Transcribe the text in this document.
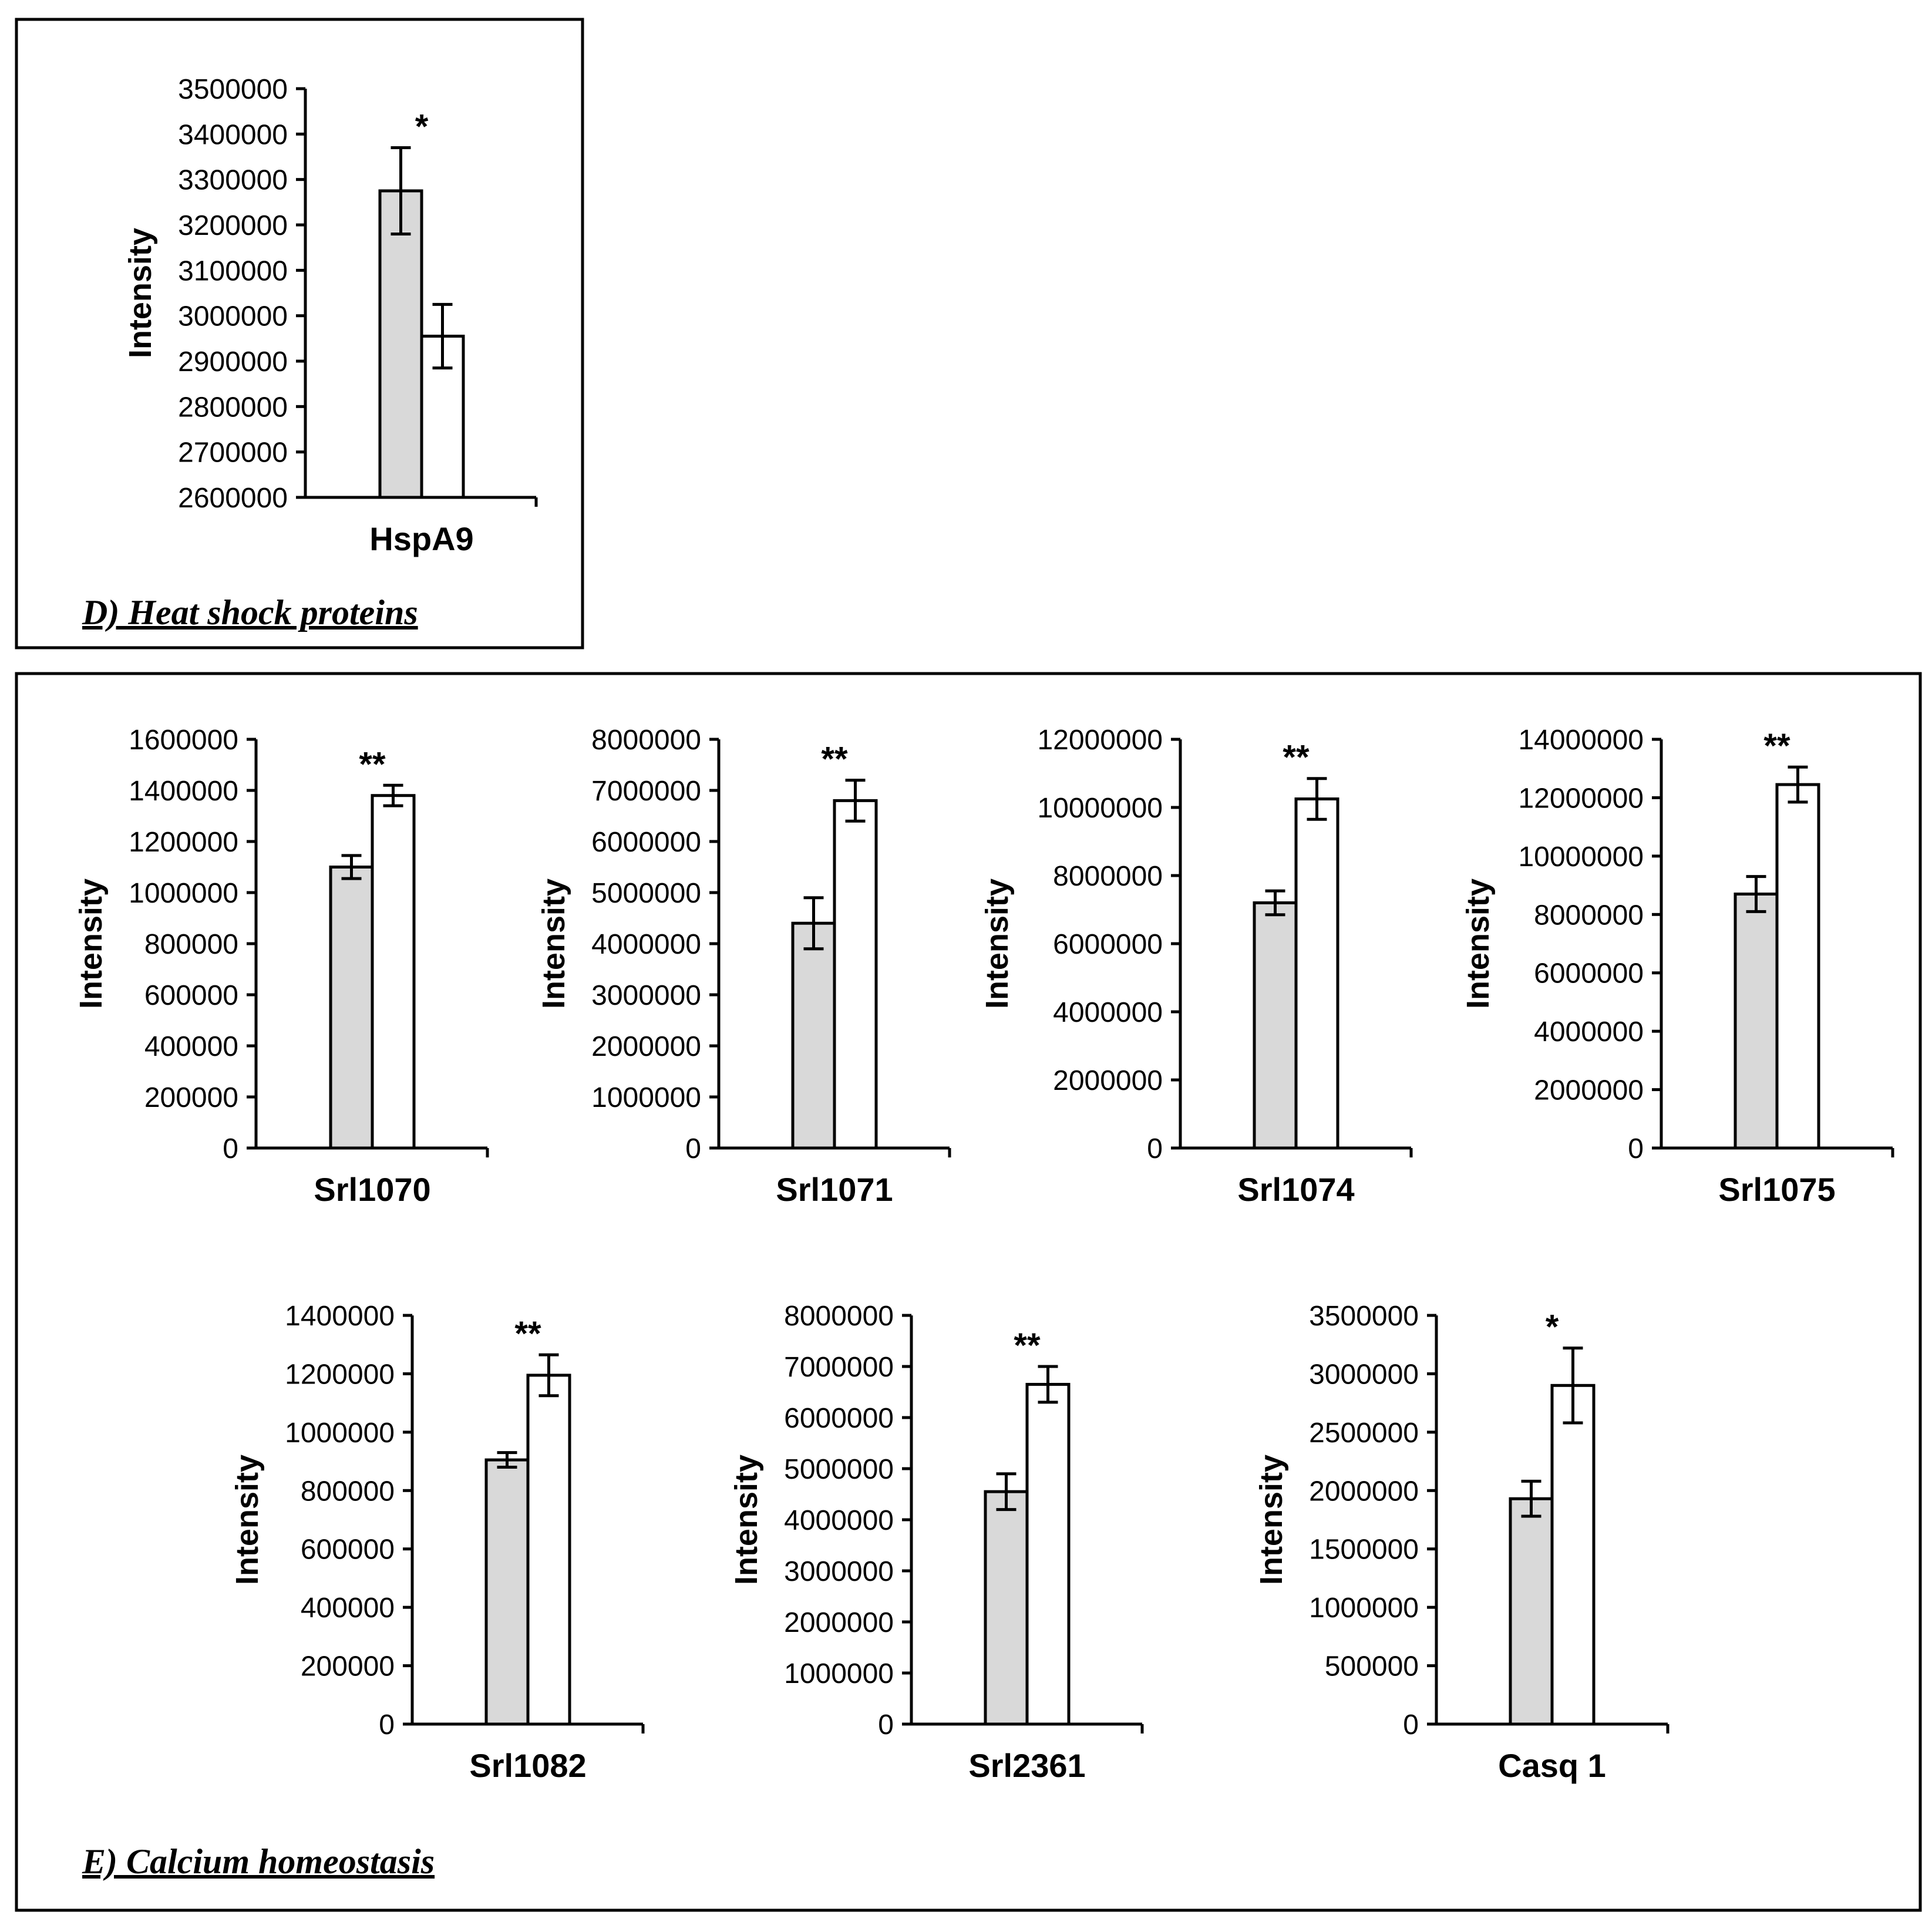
D) Heat shock proteins
E) Calcium homeostasis
2600000
2700000
2800000
2900000
3000000
3100000
3200000
3300000
3400000
3500000
Intensity
*
HspA9
0
200000
400000
600000
800000
1000000
1200000
1400000
1600000
Intensity
**
Srl1070
0
1000000
2000000
3000000
4000000
5000000
6000000
7000000
8000000
Intensity
**
Srl1071
0
2000000
4000000
6000000
8000000
10000000
12000000
Intensity
**
Srl1074
0
2000000
4000000
6000000
8000000
10000000
12000000
14000000
Intensity
**
Srl1075
0
200000
400000
600000
800000
1000000
1200000
1400000
Intensity
**
Srl1082
0
1000000
2000000
3000000
4000000
5000000
6000000
7000000
8000000
Intensity
**
Srl2361
0
500000
1000000
1500000
2000000
2500000
3000000
3500000
Intensity
*
Casq 1
